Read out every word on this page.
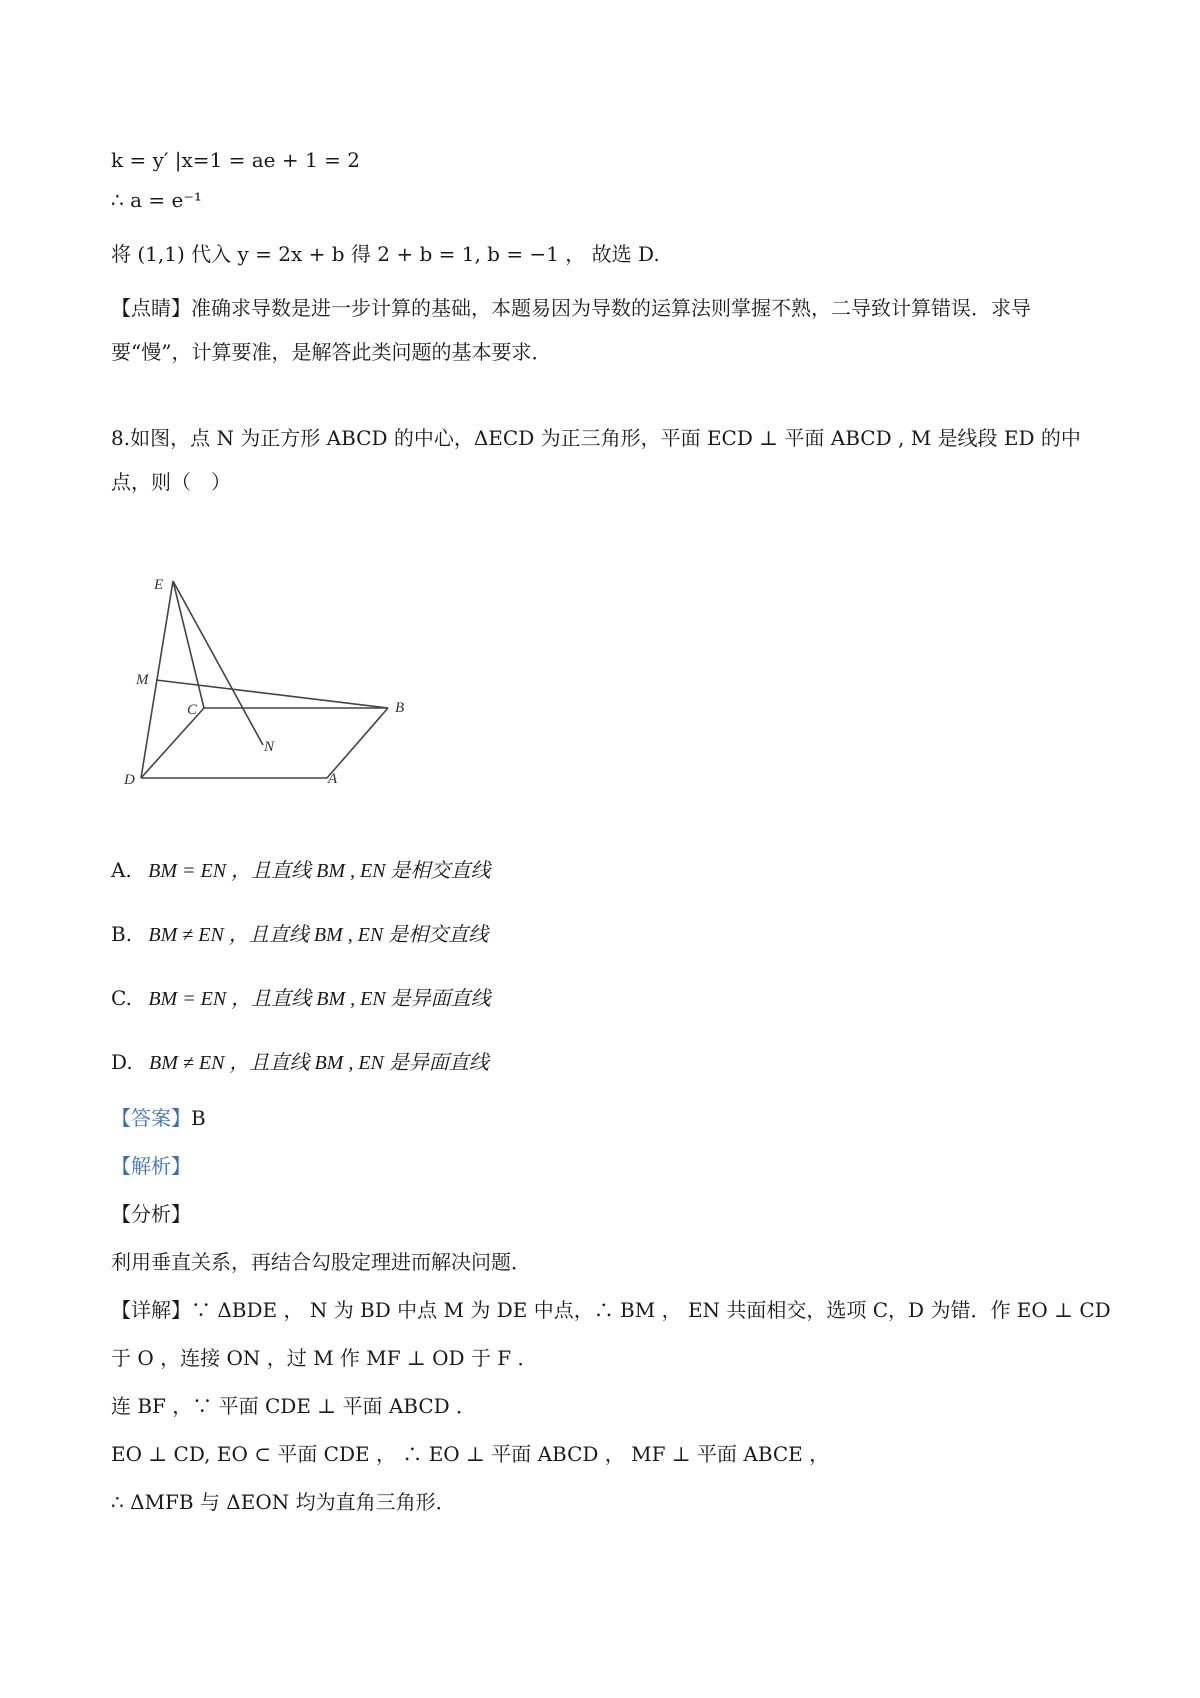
k = y′ |x=1 = ae + 1 = 2
∴ a = e⁻¹
将 (1,1) 代入 y = 2x + b 得 2 + b = 1, b = −1 ， 故选 D.
【点睛】准确求导数是进一步计算的基础，本题易因为导数的运算法则掌握不熟，二导致计算错误．求导
要“慢”，计算要准，是解答此类问题的基本要求．
8.如图，点 N 为正方形 ABCD 的中心，ΔECD 为正三角形，平面 ECD ⊥ 平面 ABCD , M 是线段 ED 的中
点，则（　）
E
M
C	B
N
D	A
A. BM = EN ，且直线 BM , EN 是相交直线
B. BM ≠ EN ，且直线 BM , EN 是相交直线
C. BM = EN ，且直线 BM , EN 是异面直线
D. BM ≠ EN ，且直线 BM , EN 是异面直线
【答案】B
【解析】
【分析】
利用垂直关系，再结合勾股定理进而解决问题．
【详解】∵ ΔBDE ， N 为 BD 中点 M 为 DE 中点，∴ BM ， EN 共面相交，选项 C，D 为错．作 EO ⊥ CD
于 O ，连接 ON ，过 M 作 MF ⊥ OD 于 F ．
连 BF ，∵ 平面 CDE ⊥ 平面 ABCD ．
EO ⊥ CD, EO ⊂ 平面 CDE ， ∴ EO ⊥ 平面 ABCD ， MF ⊥ 平面 ABCE ，
∴ ΔMFB 与 ΔEON 均为直角三角形．
